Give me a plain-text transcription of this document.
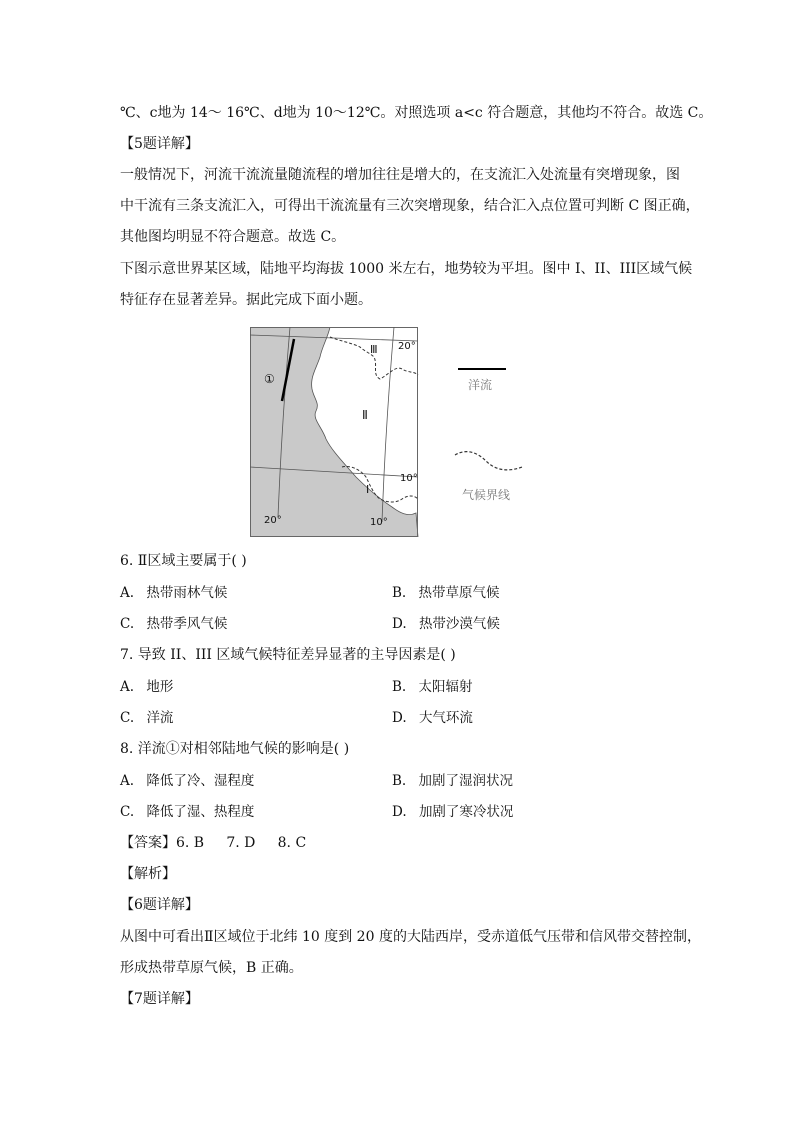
℃、c地为 14～ 16℃、d地为 10～12℃。对照选项 a<c 符合题意，其他均不符合。故选 C。
【5题详解】
一般情况下，河流干流流量随流程的增加往往是增大的，在支流汇入处流量有突增现象，图
中干流有三条支流汇入，可得出干流流量有三次突增现象，结合汇入点位置可判断 C 图正确，
其他图均明显不符合题意。故选 C。
下图示意世界某区域，陆地平均海拔 1000 米左右，地势较为平坦。图中 I、II、III区域气候
特征存在显著差异。据此完成下面小题。
①
Ⅱ
Ⅲ
Ⅰ
20°
10°
20°	10°
洋流
气候界线
6. Ⅱ区域主要属于( )
A. 热带雨林气候	B. 热带草原气候
C. 热带季风气候	D. 热带沙漠气候
7. 导致 II、III 区域气候特征差异显著的主导因素是( )
A. 地形	B. 太阳辐射
C. 洋流	D. 大气环流
8. 洋流①对相邻陆地气候的影响是( )
A. 降低了冷、湿程度	B. 加剧了湿润状况
C. 降低了湿、热程度	D. 加剧了寒冷状况
【答案】6. B     7. D     8. C
【解析】
【6题详解】
从图中可看出Ⅱ区域位于北纬 10 度到 20 度的大陆西岸，受赤道低气压带和信风带交替控制，
形成热带草原气候，B 正确。
【7题详解】
